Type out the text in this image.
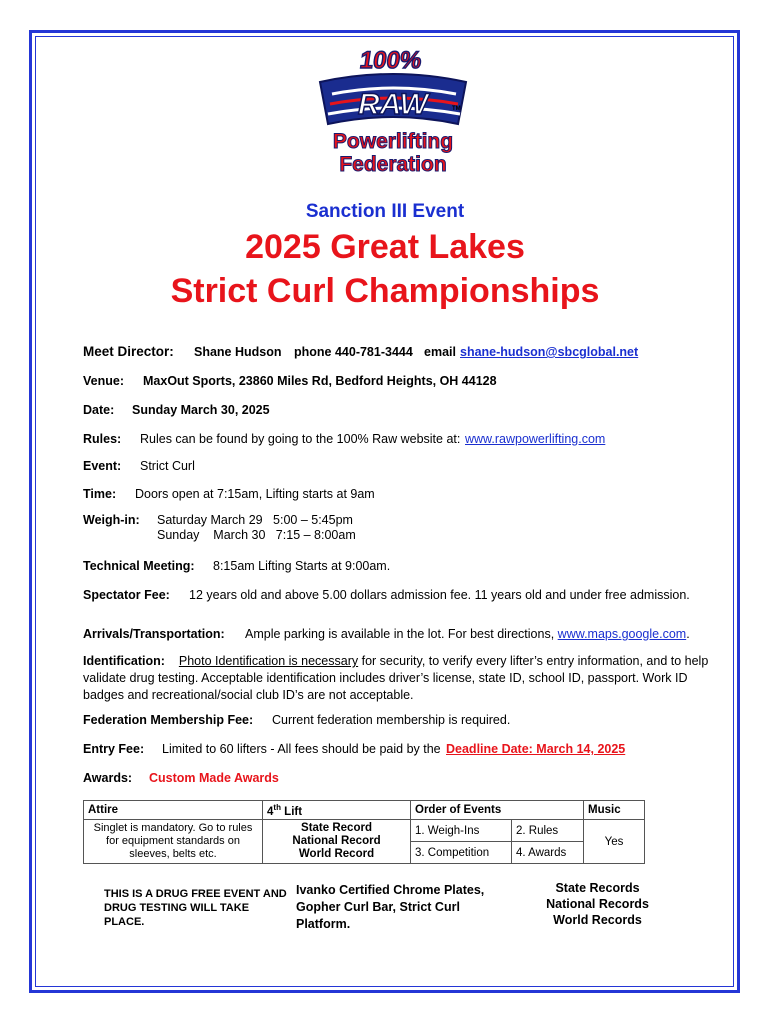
100%
RAW
Powerlifting
Federation
TM
Sanction III Event
2025 Great Lakes
Strict Curl Championships
Meet Director: Shane Hudson phone 440-781-3444 email shane-hudson@sbcglobal.net
Venue: MaxOut Sports, 23860 Miles Rd, Bedford Heights, OH 44128
Date: Sunday March 30, 2025
Rules: Rules can be found by going to the 100% Raw website at: www.rawpowerlifting.com
Event: Strict Curl
Time: Doors open at 7:15am, Lifting starts at 9am
Weigh-in: Saturday March 29   5:00 – 5:45pm
Sunday    March 30   7:15 – 8:00am
Technical Meeting: 8:15am Lifting Starts at 9:00am.
Spectator Fee: 12 years old and above 5.00 dollars admission fee. 11 years old and under free admission.
Arrivals/Transportation: Ample parking is available in the lot. For best directions, www.maps.google.com.
Identification: Photo Identification is necessary for security, to verify every lifter’s entry information, and to help validate drug testing. Acceptable identification includes driver’s license, state ID, school ID, passport. Work ID badges and recreational/social club ID’s are not acceptable.
Federation Membership Fee: Current federation membership is required.
Entry Fee: Limited to 60 lifters - All fees should be paid by the Deadline Date: March 14, 2025
Awards: Custom Made Awards
Attire	4th Lift	Order of Events		Music
Singlet is mandatory. Go to rules for equipment standards on sleeves, belts etc.	State Record
National Record
World Record	1. Weigh-Ins	2. Rules	Yes
		3. Competition	4. Awards	
THIS IS A DRUG FREE EVENT AND DRUG TESTING WILL TAKE PLACE.
Ivanko Certified Chrome Plates, Gopher Curl Bar, Strict Curl Platform.
State Records
National Records
World Records
